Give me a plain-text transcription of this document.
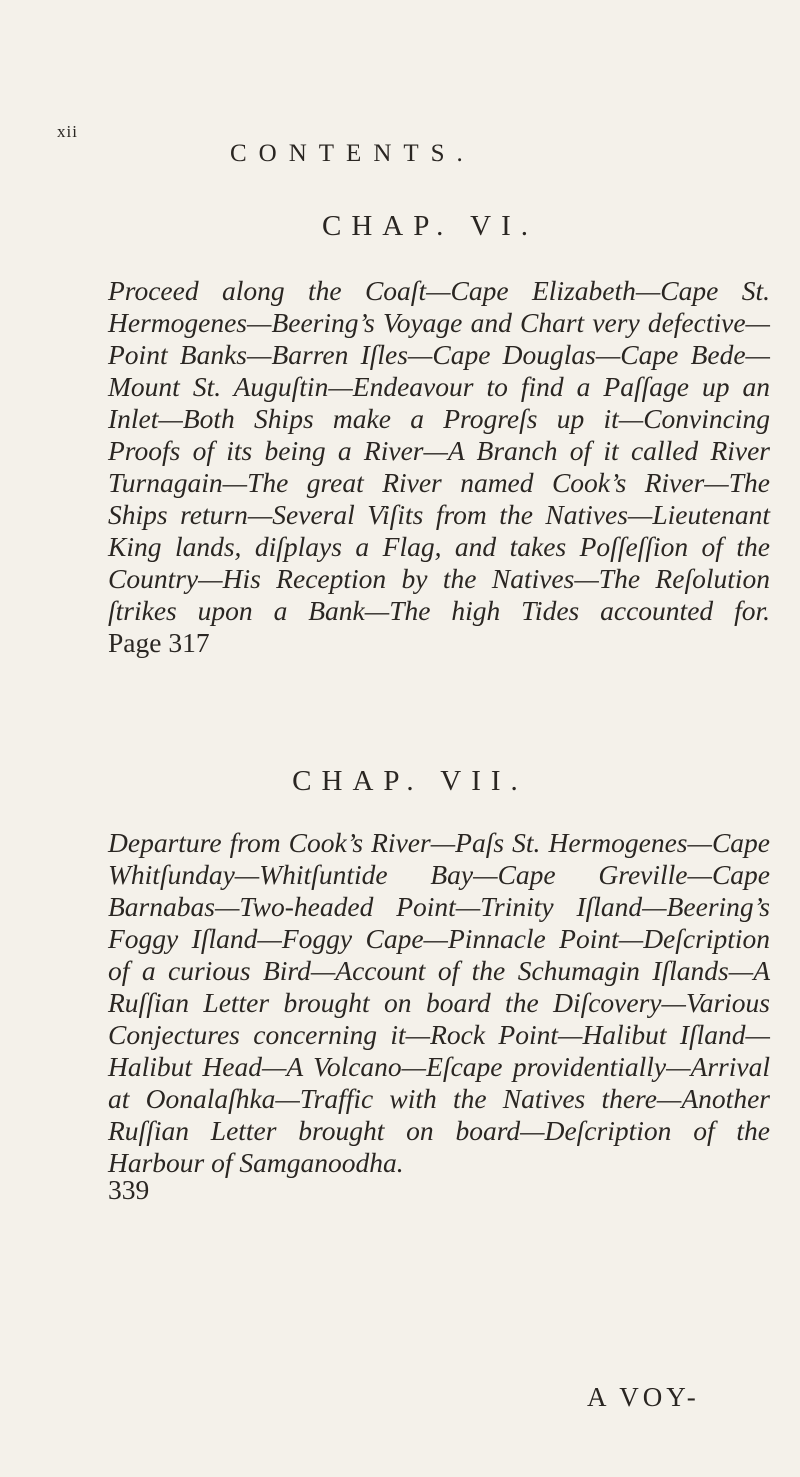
xii
CONTENTS.
CHAP. VI.
Proceed along the Coaſt—Cape Elizabeth—Cape St. Hermogenes—Beering’s Voyage and Chart very defective—Point Banks—Barren Iſles—Cape Douglas—Cape Bede—Mount St. Auguſtin—Endeavour to find a Paſſage up an Inlet—Both Ships make a Progreſs up it—Convincing Proofs of its being a River—A Branch of it called River Turnagain—The great River named Cook’s River—The Ships return—Several Viſits from the Natives—Lieutenant King lands, diſplays a Flag, and takes Poſſeſſion of the Country—His Reception by the Natives—The Reſolution ſtrikes upon a Bank—The high Tides accounted for. Page 317
CHAP. VII.
Departure from Cook’s River—Paſs St. Hermogenes—Cape Whitſunday—Whitſuntide Bay—Cape Greville—Cape Barnabas—Two-headed Point—Trinity Iſland—Beering’s Foggy Iſland—Foggy Cape—Pinnacle Point—Deſcription of a curious Bird—Account of the Schumagin Iſlands—A Ruſſian Letter brought on board the Diſcovery—Various Conjectures concerning it—Rock Point—Halibut Iſland—Halibut Head—A Volcano—Eſcape providentially—Arrival at Oonalaſhka—Traffic with the Natives there—Another Ruſſian Letter brought on board—Deſcription of the Harbour of Samganoodha.
339
A VOY-
